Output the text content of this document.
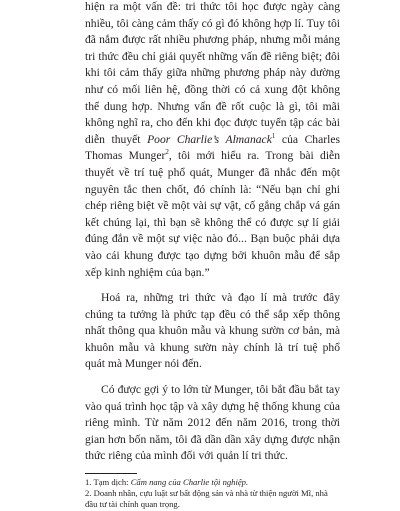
hiện ra một vấn đề: tri thức tôi học được ngày càng nhiều, tôi càng cảm thấy có gì đó không hợp lí. Tuy tôi đã nắm được rất nhiều phương pháp, nhưng mỗi mảng tri thức đều chỉ giải quyết những vấn đề riêng biệt; đôi khi tôi cảm thấy giữa những phương pháp này dường như có mối liên hệ, đồng thời có cả xung đột không thể dung hợp. Nhưng vấn đề rốt cuộc là gì, tôi mãi không nghĩ ra, cho đến khi đọc được tuyển tập các bài diễn thuyết Poor Charlie’s Almanack$^1$ của Charles Thomas Munger$^2$, tôi mới hiểu ra. Trong bài diễn thuyết về trí tuệ phổ quát, Munger đã nhắc đến một nguyên tắc then chốt, đó chính là: “Nếu bạn chỉ ghi chép riêng biệt về một vài sự vật, cố gắng chắp vá gán kết chúng lại, thì bạn sẽ không thể có được sự lí giải đúng đắn về một sự việc nào đó... Bạn buộc phải dựa vào cái khung được tạo dựng bởi khuôn mẫu để sắp xếp kinh nghiệm của bạn.”

Hoá ra, những tri thức và đạo lí mà trước đây chúng ta tưởng là phức tạp đều có thể sắp xếp thông nhất thông qua khuôn mẫu và khung sườn cơ bản, mà khuôn mẫu và khung sườn này chính là trí tuệ phổ quát mà Munger nói đến.

Có được gợi ý to lớn từ Munger, tôi bắt đầu bắt tay vào quá trình học tập và xây dựng hệ thống khung của riêng mình. Từ năm 2012 đến năm 2016, trong thời gian hơn bốn năm, tôi đã dần dần xây dựng được nhận thức riêng của mình đối với quản lí tri thức.

1. Tạm dịch: Cẩm nang của Charlie tội nghiệp.

2. Doanh nhân, cựu luật sư bất động sản và nhà từ thiện người Mĩ, nhà đầu tư tài chính quan trọng.
